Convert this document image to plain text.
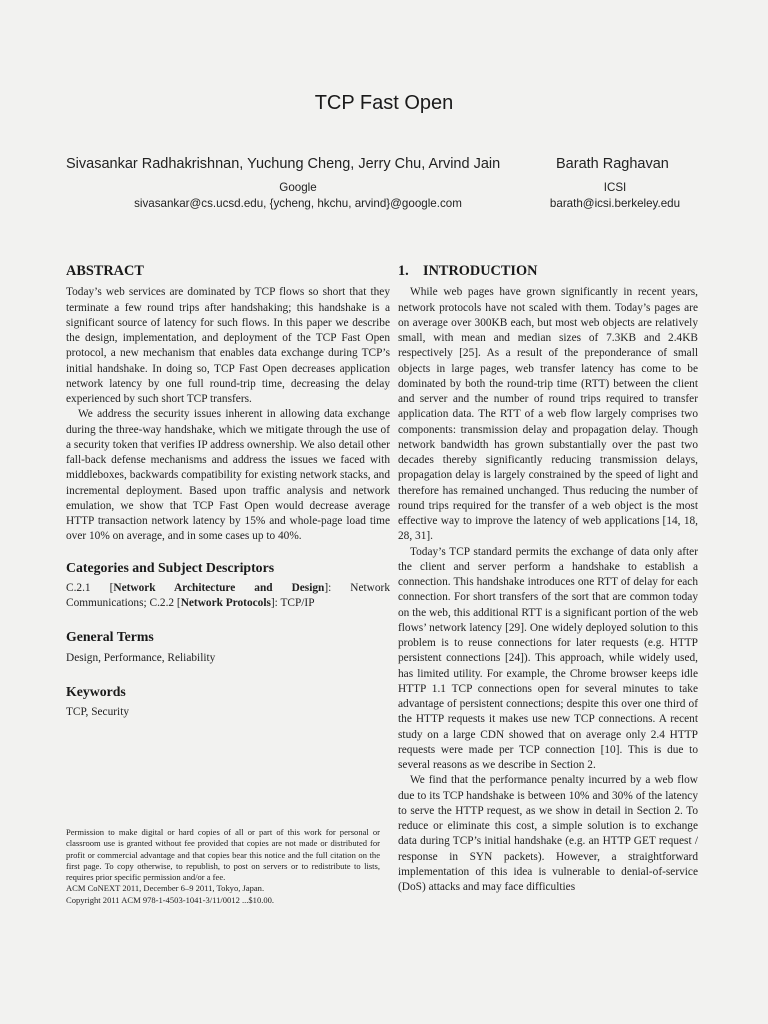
TCP Fast Open
Sivasankar Radhakrishnan, Yuchung Cheng, Jerry Chu, Arvind Jain	Barath Raghavan
Google
sivasankar@cs.ucsd.edu, {ycheng, hkchu, arvind}@google.com
ICSI
barath@icsi.berkeley.edu
ABSTRACT

Today’s web services are dominated by TCP flows so short that they terminate a few round trips after handshaking; this handshake is a significant source of latency for such flows. In this paper we describe the design, implementation, and deployment of the TCP Fast Open protocol, a new mechanism that enables data exchange during TCP’s initial handshake. In doing so, TCP Fast Open decreases application network latency by one full round-trip time, decreasing the delay experienced by such short TCP transfers.

We address the security issues inherent in allowing data exchange during the three-way handshake, which we mitigate through the use of a security token that verifies IP address ownership. We also detail other fall-back defense mechanisms and address the issues we faced with middleboxes, backwards compatibility for existing network stacks, and incremental deployment. Based upon traffic analysis and network emulation, we show that TCP Fast Open would decrease average HTTP transaction network latency by 15% and whole-page load time over 10% on average, and in some cases up to 40%.

Categories and Subject Descriptors

C.2.1 [Network Architecture and Design]: Network Communications; C.2.2 [Network Protocols]: TCP/IP

General Terms

Design, Performance, Reliability

Keywords

TCP, Security

Permission to make digital or hard copies of all or part of this work for personal or classroom use is granted without fee provided that copies are not made or distributed for profit or commercial advantage and that copies bear this notice and the full citation on the first page. To copy otherwise, to republish, to post on servers or to redistribute to lists, requires prior specific permission and/or a fee.

ACM CoNEXT 2011, December 6–9 2011, Tokyo, Japan.

Copyright 2011 ACM 978-1-4503-1041-3/11/0012 ...$10.00.

1.    INTRODUCTION

While web pages have grown significantly in recent years, network protocols have not scaled with them. Today’s pages are on average over 300KB each, but most web objects are relatively small, with mean and median sizes of 7.3KB and 2.4KB respectively [25]. As a result of the preponderance of small objects in large pages, web transfer latency has come to be dominated by both the round-trip time (RTT) between the client and server and the number of round trips required to transfer application data. The RTT of a web flow largely comprises two components: transmission delay and propagation delay. Though network bandwidth has grown substantially over the past two decades thereby significantly reducing transmission delays, propagation delay is largely constrained by the speed of light and therefore has remained unchanged. Thus reducing the number of round trips required for the transfer of a web object is the most effective way to improve the latency of web applications [14, 18, 28, 31].

Today’s TCP standard permits the exchange of data only after the client and server perform a handshake to establish a connection. This handshake introduces one RTT of delay for each connection. For short transfers of the sort that are common today on the web, this additional RTT is a significant portion of the web flows’ network latency [29]. One widely deployed solution to this problem is to reuse connections for later requests (e.g. HTTP persistent connections [24]). This approach, while widely used, has limited utility. For example, the Chrome browser keeps idle HTTP 1.1 TCP connections open for several minutes to take advantage of persistent connections; despite this over one third of the HTTP requests it makes use new TCP connections. A recent study on a large CDN showed that on average only 2.4 HTTP requests were made per TCP connection [10]. This is due to several reasons as we describe in Section 2.

We find that the performance penalty incurred by a web flow due to its TCP handshake is between 10% and 30% of the latency to serve the HTTP request, as we show in detail in Section 2. To reduce or eliminate this cost, a simple solution is to exchange data during TCP’s initial handshake (e.g. an HTTP GET request / response in SYN packets). However, a straightforward implementation of this idea is vulnerable to denial-of-service (DoS) attacks and may face difficulties
